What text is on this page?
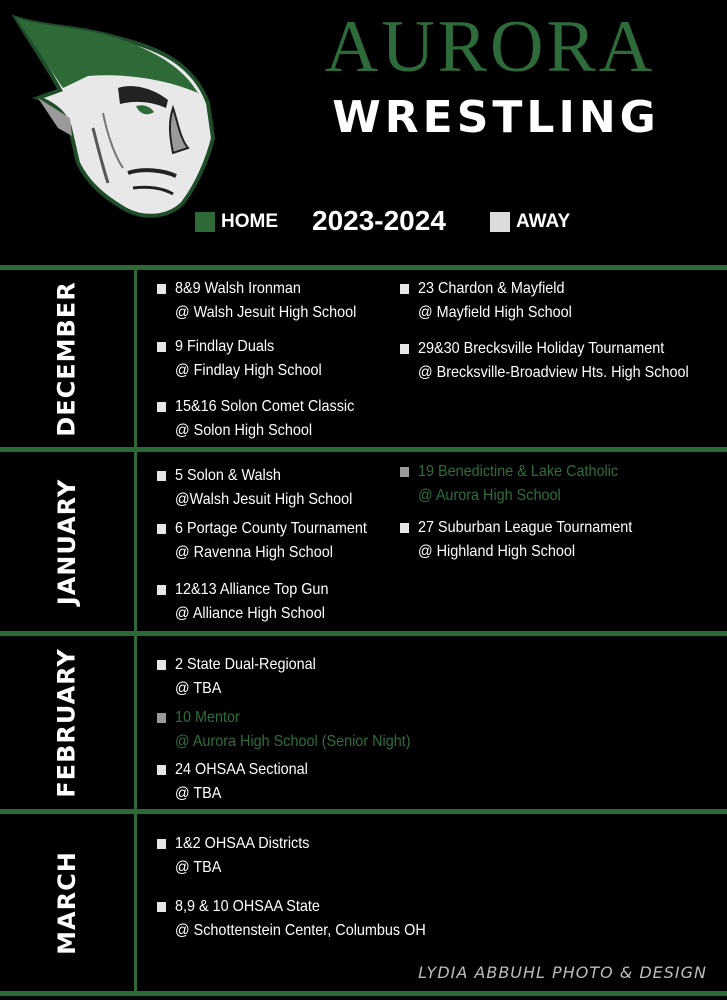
AURORA
WRESTLING
HOME 2023-2024	AWAY
DECEMBER	8&9 Walsh Ironman
@ Walsh Jesuit High School
9 Findlay Duals
@ Findlay High School
15&16 Solon Comet Classic
@ Solon High School
23 Chardon & Mayfield
@ Mayfield High School
29&30 Brecksville Holiday Tournament
@ Brecksville-Broadview Hts. High School
JANUARY
5 Solon & Walsh
@Walsh Jesuit High School
6 Portage County Tournament
@ Ravenna High School
12&13 Alliance Top Gun
@ Alliance High School
19 Benedictine & Lake Catholic
@ Aurora High School
27 Suburban League Tournament
@ Highland High School
FEBRUARY	2 State Dual-Regional
@ TBA
10 Mentor
@ Aurora High School (Senior Night)
24 OHSAA Sectional
@ TBA
MARCH
1&2 OHSAA Districts
@ TBA
8,9 & 10 OHSAA State
@ Schottenstein Center, Columbus OH
LYDIA ABBUHL PHOTO & DESIGN
